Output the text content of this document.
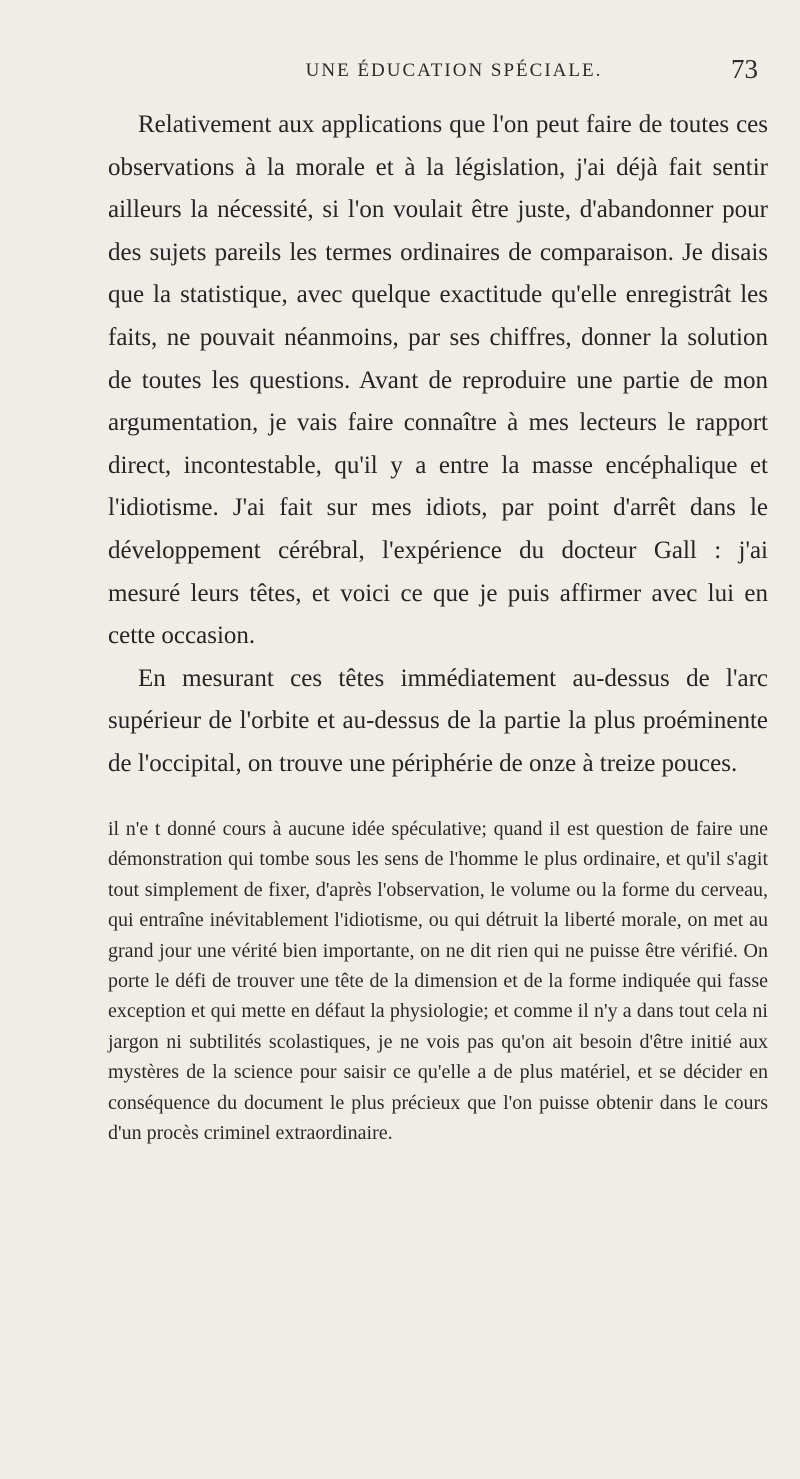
UNE ÉDUCATION SPÉCIALE.	73

Relativement aux applications que l'on peut faire de toutes ces observations à la morale et à la législation, j'ai déjà fait sentir ailleurs la nécessité, si l'on voulait être juste, d'abandonner pour des sujets pareils les termes ordinaires de comparaison. Je disais que la statistique, avec quelque exactitude qu'elle enregistrât les faits, ne pouvait néanmoins, par ses chiffres, donner la solution de toutes les questions. Avant de reproduire une partie de mon argumentation, je vais faire connaître à mes lecteurs le rapport direct, incontestable, qu'il y a entre la masse encéphalique et l'idiotisme. J'ai fait sur mes idiots, par point d'arrêt dans le développement cérébral, l'expérience du docteur Gall : j'ai mesuré leurs têtes, et voici ce que je puis affirmer avec lui en cette occasion.

En mesurant ces têtes immédiatement au-dessus de l'arc supérieur de l'orbite et au-dessus de la partie la plus proéminente de l'occipital, on trouve une périphérie de onze à treize pouces.

il n'e t donné cours à aucune idée spéculative; quand il est question de faire une démonstration qui tombe sous les sens de l'homme le plus ordinaire, et qu'il s'agit tout simplement de fixer, d'après l'observation, le volume ou la forme du cerveau, qui entraîne inévitablement l'idiotisme, ou qui détruit la liberté morale, on met au grand jour une vérité bien importante, on ne dit rien qui ne puisse être vérifié. On porte le défi de trouver une tête de la dimension et de la forme indiquée qui fasse exception et qui mette en défaut la physiologie; et comme il n'y a dans tout cela ni jargon ni subtilités scolastiques, je ne vois pas qu'on ait besoin d'être initié aux mystères de la science pour saisir ce qu'elle a de plus matériel, et se décider en conséquence du document le plus précieux que l'on puisse obtenir dans le cours d'un procès criminel extraordinaire.
